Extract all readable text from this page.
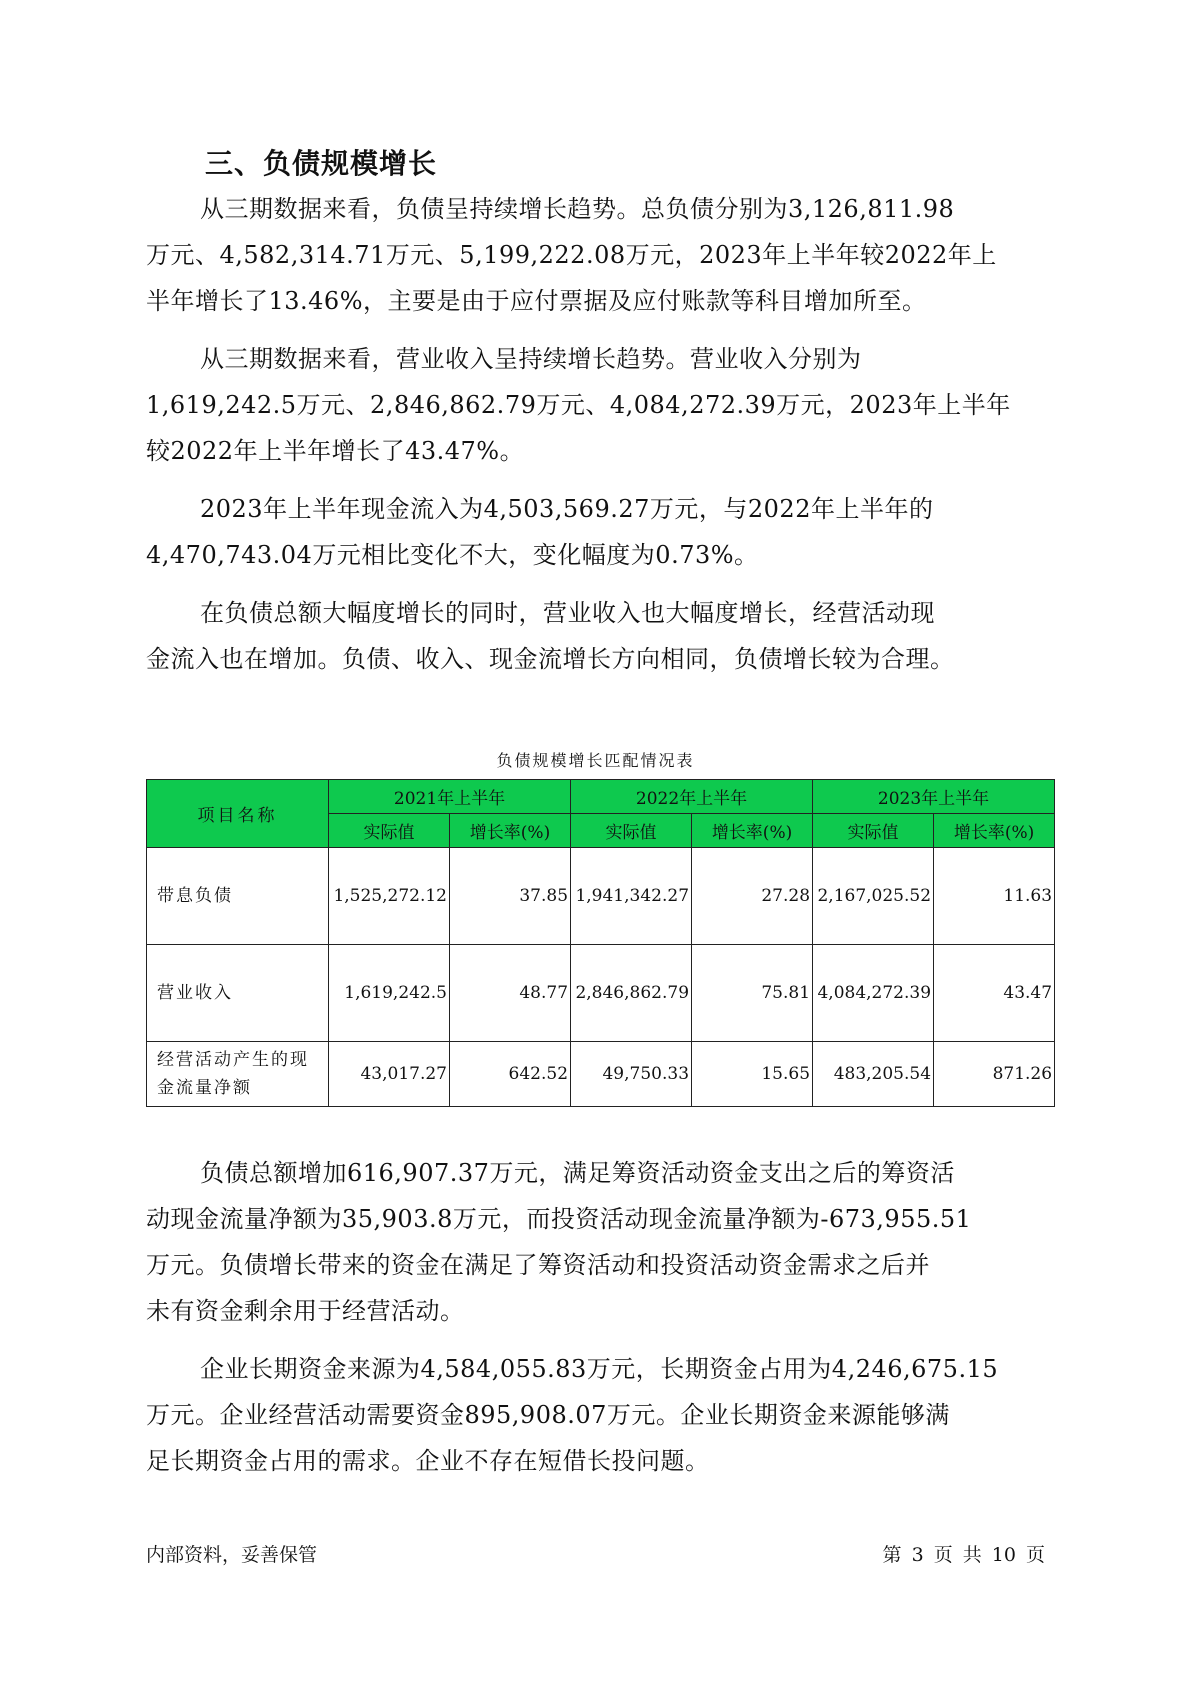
三、负债规模增长

从三期数据来看，负债呈持续增长趋势。总负债分别为3,126,811.98
万元、4,582,314.71万元、5,199,222.08万元，2023年上半年较2022年上
半年增长了13.46%，主要是由于应付票据及应付账款等科目增加所至。

从三期数据来看，营业收入呈持续增长趋势。营业收入分别为
1,619,242.5万元、2,846,862.79万元、4,084,272.39万元，2023年上半年
较2022年上半年增长了43.47%。

2023年上半年现金流入为4,503,569.27万元，与2022年上半年的
4,470,743.04万元相比变化不大，变化幅度为0.73%。

在负债总额大幅度增长的同时，营业收入也大幅度增长，经营活动现
金流入也在增加。负债、收入、现金流增长方向相同，负债增长较为合理。

负债规模增长匹配情况表
项目名称	2021年上半年		2022年上半年		2023年上半年	
	实际值	增长率(%)	实际值	增长率(%)	实际值	增长率(%)
带息负债	1,525,272.12	37.85	1,941,342.27	27.28	2,167,025.52	11.63
营业收入	1,619,242.5	48.77	2,846,862.79	75.81	4,084,272.39	43.47
经营活动产生的现金流量净额	43,017.27	642.52	49,750.33	15.65	483,205.54	871.26

负债总额增加616,907.37万元，满足筹资活动资金支出之后的筹资活
动现金流量净额为35,903.8万元，而投资活动现金流量净额为-673,955.51
万元。负债增长带来的资金在满足了筹资活动和投资活动资金需求之后并
未有资金剩余用于经营活动。

企业长期资金来源为4,584,055.83万元，长期资金占用为4,246,675.15
万元。企业经营活动需要资金895,908.07万元。企业长期资金来源能够满
足长期资金占用的需求。企业不存在短借长投问题。

内部资料，妥善保管	第 3 页 共 10 页
